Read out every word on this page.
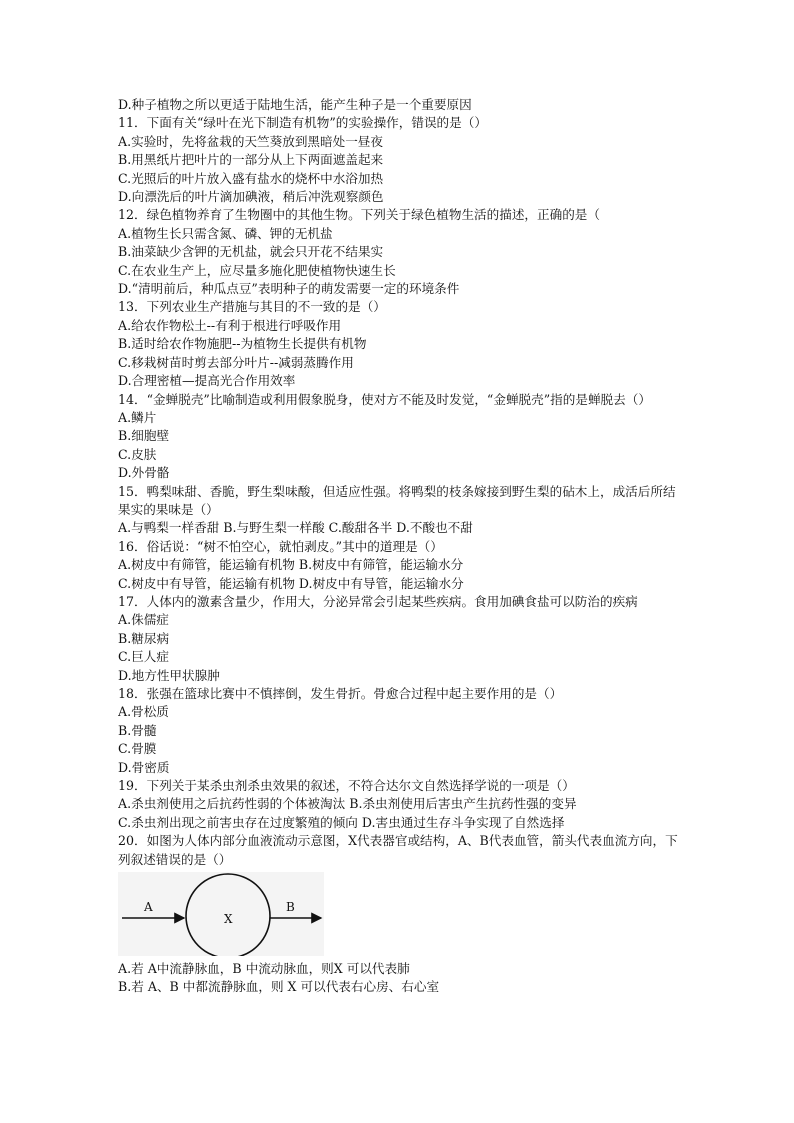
D.种子植物之所以更适于陆地生活，能产生种子是一个重要原因
11．下面有关“绿叶在光下制造有机物”的实验操作，错误的是（）
A.实验时，先将盆栽的天竺葵放到黑暗处一昼夜
B.用黑纸片把叶片的一部分从上下两面遮盖起来
C.光照后的叶片放入盛有盐水的烧杯中水浴加热
D.向漂洗后的叶片滴加碘液，稍后冲洗观察颜色
12．绿色植物养育了生物圈中的其他生物。下列关于绿色植物生活的描述，正确的是（
A.植物生长只需含氮、磷、钾的无机盐
B.油菜缺少含钾的无机盐，就会只开花不结果实
C.在农业生产上，应尽量多施化肥使植物快速生长
D.“清明前后，种瓜点豆”表明种子的萌发需要一定的环境条件
13．下列农业生产措施与其目的不一致的是（）
A.给农作物松土--有利于根进行呼吸作用
B.适时给农作物施肥--为植物生长提供有机物
C.移栽树苗时剪去部分叶片--减弱蒸腾作用
D.合理密植—提高光合作用效率
14．“金蝉脱壳”比喻制造或利用假象脱身，使对方不能及时发觉，“金蝉脱壳”指的是蝉脱去（）
A.鳞片
B.细胞壁
C.皮肤
D.外骨骼
15．鸭梨味甜、香脆，野生梨味酸，但适应性强。将鸭梨的枝条嫁接到野生梨的砧木上，成活后所结果实的果味是（）
A.与鸭梨一样香甜 B.与野生梨一样酸 C.酸甜各半 D.不酸也不甜
16．俗话说：“树不怕空心，就怕剥皮。”其中的道理是（）
A.树皮中有筛管，能运输有机物 B.树皮中有筛管，能运输水分
C.树皮中有导管，能运输有机物 D.树皮中有导管，能运输水分
17．人体内的激素含量少，作用大，分泌异常会引起某些疾病。食用加碘食盐可以防治的疾病
A.侏儒症
B.糖尿病
C.巨人症
D.地方性甲状腺肿
18．张强在篮球比赛中不慎摔倒，发生骨折。骨愈合过程中起主要作用的是（）
A.骨松质
B.骨髓
C.骨膜
D.骨密质
19．下列关于某杀虫剂杀虫效果的叙述，不符合达尔文自然选择学说的一项是（）
A.杀虫剂使用之后抗药性弱的个体被淘汰 B.杀虫剂使用后害虫产生抗药性强的变异
C.杀虫剂出现之前害虫存在过度繁殖的倾向 D.害虫通过生存斗争实现了自然选择
20．如图为人体内部分血液流动示意图，X代表器官或结构，A、B代表血管，箭头代表血流方向，下列叙述错误的是（）
A
X
B
A.若 A中流静脉血，B 中流动脉血，则X 可以代表肺
B.若 A、B 中都流静脉血，则 X 可以代表右心房、右心室
